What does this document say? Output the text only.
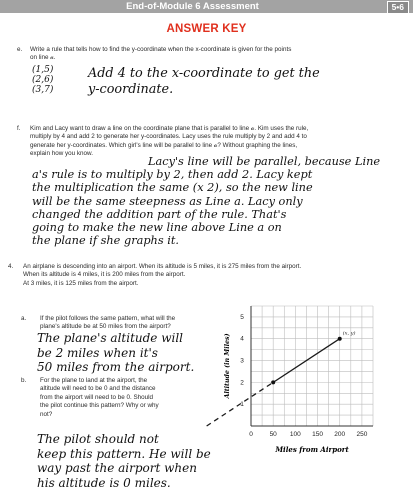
End-of-Module 6 Assessment	5•6
ANSWER KEY
e. Write a rule that tells how to find the y-coordinate when the x-coordinate is given for the points
on line 𝒶.
(1,5)
(2,6)
(3,7)
Add 4 to the x-coordinate to get the
y-coordinate.
f. Kim and Lacy want to draw a line on the coordinate plane that is parallel to line 𝒶. Kim uses the rule,
multiply by 4 and add 2 to generate her y-coordinates. Lacy uses the rule multiply by 2 and add 4 to
generate her y-coordinates. Which girl's line will be parallel to line 𝒶? Without graphing the lines,
explain how you know.
Lacy's line will be parallel, because Line
a's rule is to multiply by 2, then add 2. Lacy kept
the multiplication the same (x 2), so the new line
will be the same steepness as Line a. Lacy only
changed the addition part of the rule. That's
going to make the new line above Line a on
the plane if she graphs it.
4. An airplane is descending into an airport. When its altitude is 5 miles, it is 275 miles from the airport.
When its altitude is 4 miles, it is 200 miles from the airport.
At 3 miles, it is 125 miles from the airport.
a. If the pilot follows the same pattern, what will the
plane's altitude be at 50 miles from the airport?
The plane's altitude will
be 2 miles when it's
50 miles from the airport.
b. For the plane to land at the airport, the
altitude will need to be 0 and the distance
from the airport will need to be 0. Should
the pilot continue this pattern? Why or why
not?
The pilot should not
keep this pattern. He will be
way past the airport when
his altitude is 0 miles.
0	50 100 150 200 250
1
2
3
4
5
Miles from Airport
Altitude (in Miles)	(x, y)
